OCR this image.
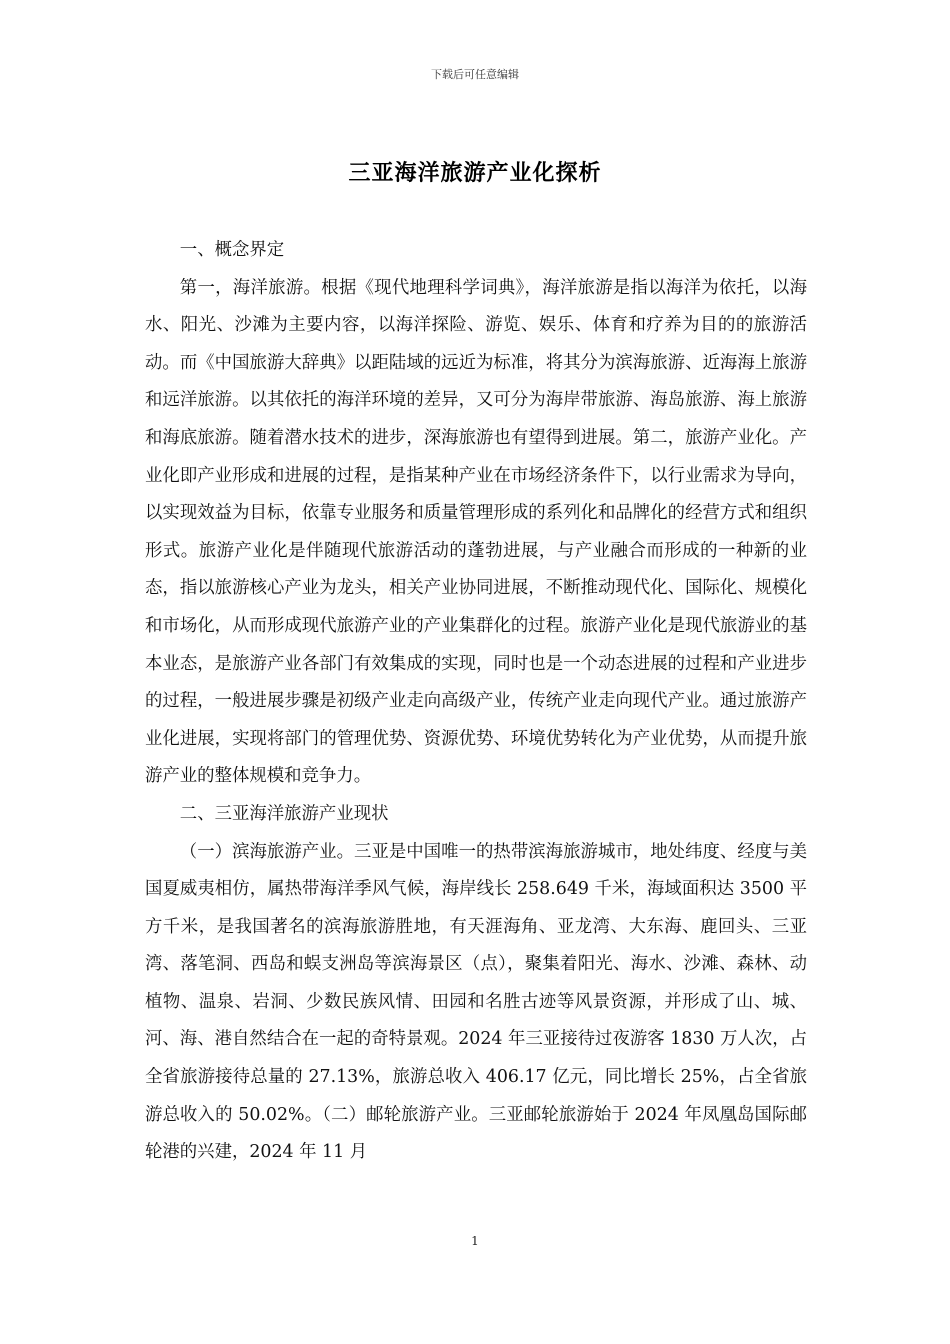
下载后可任意编辑
三亚海洋旅游产业化探析

一、概念界定

第一，海洋旅游。根据《现代地理科学词典》，海洋旅游是指以海洋为依托，以海水、阳光、沙滩为主要内容，以海洋探险、游览、娱乐、体育和疗养为目的的旅游活动。而《中国旅游大辞典》以距陆域的远近为标准，将其分为滨海旅游、近海海上旅游和远洋旅游。以其依托的海洋环境的差异，又可分为海岸带旅游、海岛旅游、海上旅游和海底旅游。随着潜水技术的进步，深海旅游也有望得到进展。第二，旅游产业化。产业化即产业形成和进展的过程，是指某种产业在市场经济条件下，以行业需求为导向，以实现效益为目标，依靠专业服务和质量管理形成的系列化和品牌化的经营方式和组织形式。旅游产业化是伴随现代旅游活动的蓬勃进展，与产业融合而形成的一种新的业态，指以旅游核心产业为龙头，相关产业协同进展，不断推动现代化、国际化、规模化和市场化，从而形成现代旅游产业的产业集群化的过程。旅游产业化是现代旅游业的基本业态，是旅游产业各部门有效集成的实现，同时也是一个动态进展的过程和产业进步的过程，一般进展步骤是初级产业走向高级产业，传统产业走向现代产业。通过旅游产业化进展，实现将部门的管理优势、资源优势、环境优势转化为产业优势，从而提升旅游产业的整体规模和竞争力。

二、三亚海洋旅游产业现状

（一）滨海旅游产业。三亚是中国唯一的热带滨海旅游城市，地处纬度、经度与美国夏威夷相仿，属热带海洋季风气候，海岸线长 258.649 千米，海域面积达 3500 平方千米，是我国著名的滨海旅游胜地，有天涯海角、亚龙湾、大东海、鹿回头、三亚湾、落笔洞、西岛和蜈支洲岛等滨海景区（点），聚集着阳光、海水、沙滩、森林、动植物、温泉、岩洞、少数民族风情、田园和名胜古迹等风景资源，并形成了山、城、河、海、港自然结合在一起的奇特景观。2024 年三亚接待过夜游客 1830 万人次，占全省旅游接待总量的 27.13%，旅游总收入 406.17 亿元，同比增长 25%，占全省旅游总收入的 50.02%。（二）邮轮旅游产业。三亚邮轮旅游始于 2024 年凤凰岛国际邮轮港的兴建，2024 年 11 月

1
